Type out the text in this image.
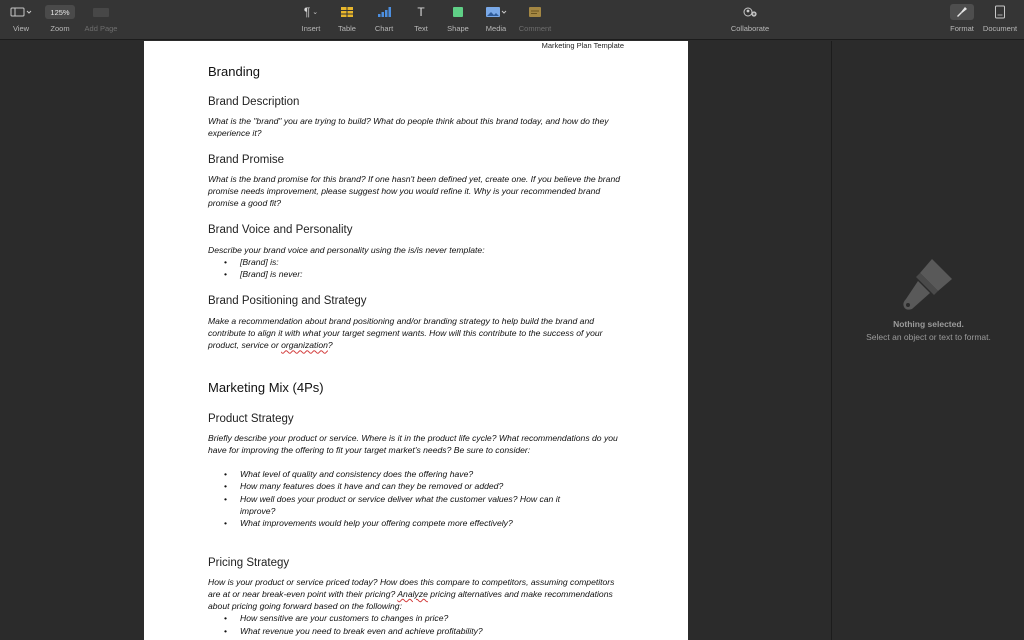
View
125%
Zoom Add Page
¶ ⌄
Insert Table	Chart
T
Text	Shape Media Comment	Collaborate	Format Document
Marketing Plan Template
Branding
Brand Description
What is the "brand" you are trying to build? What do people think about this brand today, and how do they experience it?
Brand Promise
What is the brand promise for this brand? If one hasn't been defined yet, create one. If you believe the brand promise needs improvement, please suggest how you would refine it. Why is your recommended brand promise a good fit?
Brand Voice and Personality
Describe your brand voice and personality using the is/is never template:
• [Brand] is:
• [Brand] is never:
Brand Positioning and Strategy
Make a recommendation about brand positioning and/or branding strategy to help build the brand and contribute to align it with what your target segment wants. How will this contribute to the success of your product, service or organization?
Marketing Mix (4Ps)
Product Strategy
Briefly describe your product or service. Where is it in the product life cycle? What recommendations do you have for improving the offering to fit your target market's needs? Be sure to consider:
• What level of quality and consistency does the offering have?
• How many features does it have and can they be removed or added?
• How well does your product or service deliver what the customer values? How can it improve?
• What improvements would help your offering compete more effectively?
Pricing Strategy
How is your product or service priced today? How does this compare to competitors, assuming competitors are at or near break-even point with their pricing? Analyze pricing alternatives and make recommendations about pricing going forward based on the following:
• How sensitive are your customers to changes in price?
• What revenue you need to break even and achieve profitability?
Nothing selected.
Select an object or text to format.
